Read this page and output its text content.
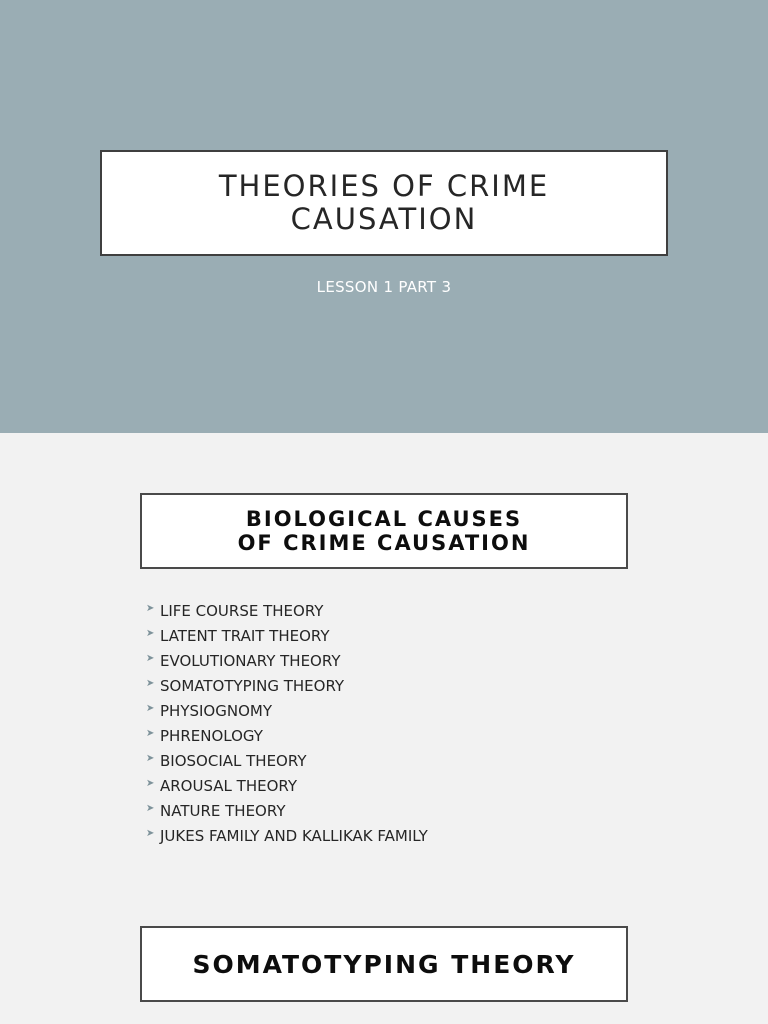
THEORIES OF CRIME
CAUSATION
LESSON 1 PART 3
BIOLOGICAL CAUSES
OF CRIME CAUSATION
➤ LIFE COURSE THEORY
➤ LATENT TRAIT THEORY
➤ EVOLUTIONARY THEORY
➤ SOMATOTYPING THEORY
➤ PHYSIOGNOMY
➤ PHRENOLOGY
➤ BIOSOCIAL THEORY
➤ AROUSAL THEORY
➤ NATURE THEORY
➤ JUKES FAMILY AND KALLIKAK FAMILY
SOMATOTYPING THEORY
